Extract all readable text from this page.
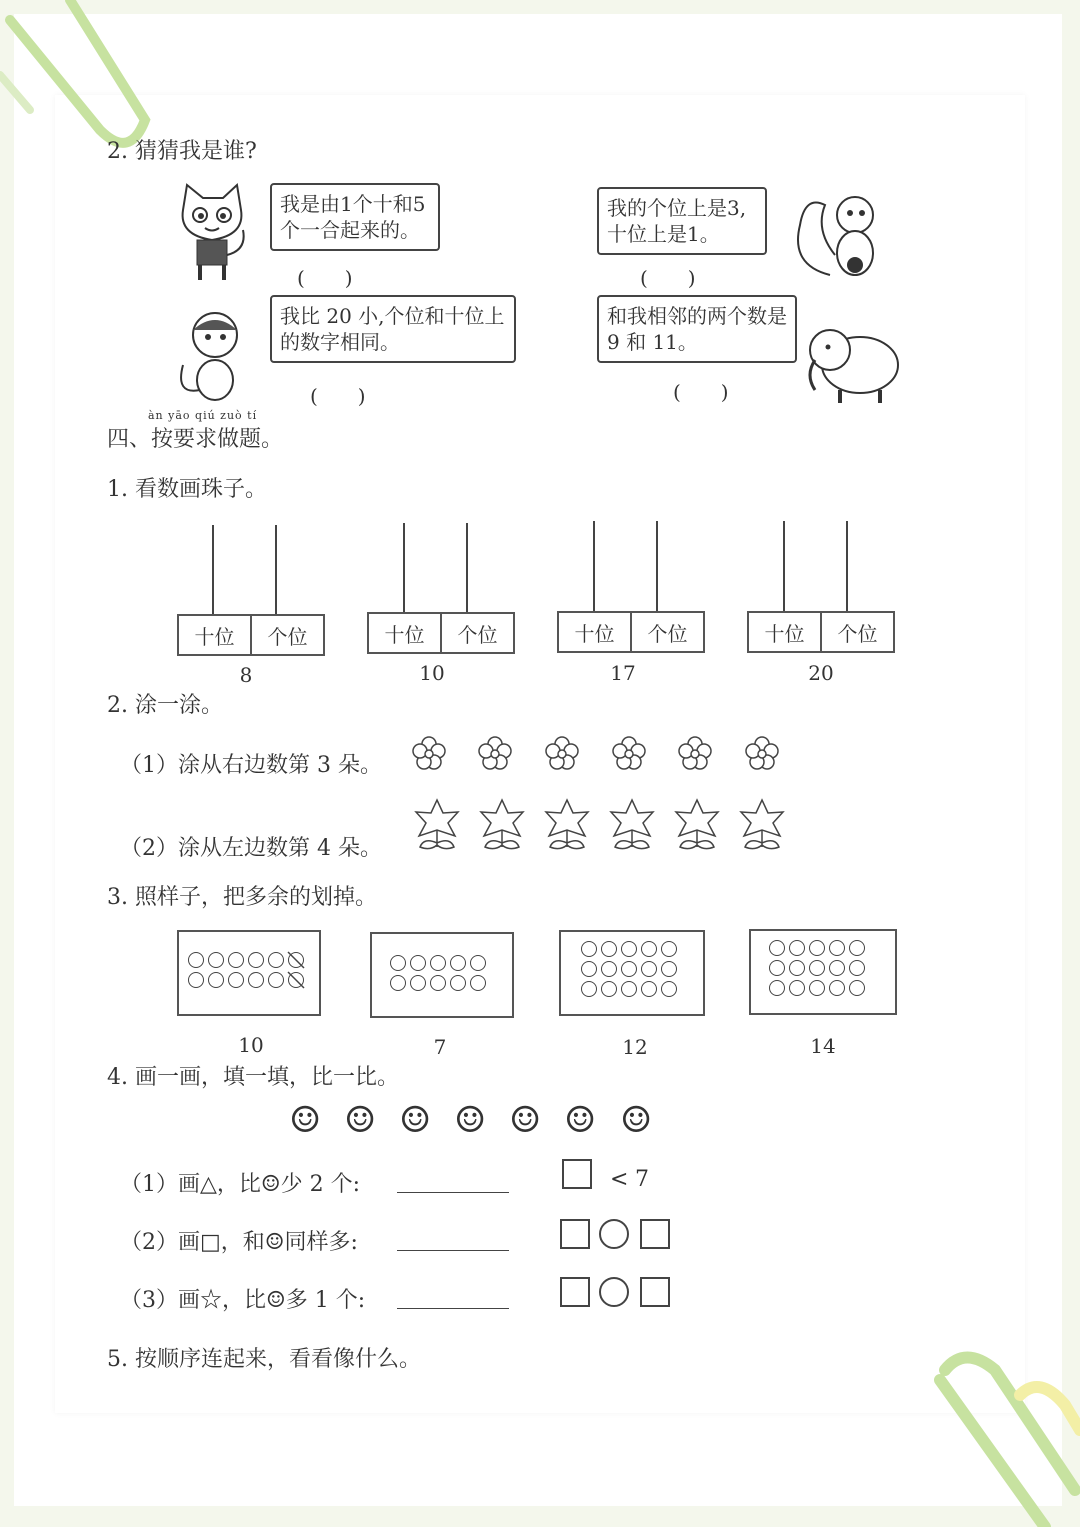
2. 猜猜我是谁?
我是由1个十和5个一合起来的。
(　　)
我的个位上是3,十位上是1。
(　　)
我比 20 小,个位和十位上的数字相同。
(　　)
和我相邻的两个数是 9 和 11。
(　　)
àn yāo qiú zuò tí
四、按要求做题。
1. 看数画珠子。
十位	个位
8
十位	个位
10
十位	个位
17
十位	个位
20
2. 涂一涂。
（1）涂从右边数第 3 朵。
（2）涂从左边数第 4 朵。
3. 照样子，把多余的划掉。

10	7	12	14
4. 画一画，填一填，比一比。
☺ ☺ ☺ ☺ ☺ ☺ ☺
（1）画△，比☺少 2 个:	< 7
（2）画□，和☺同样多:
（3）画☆，比☺多 1 个:
5. 按顺序连起来，看看像什么。
